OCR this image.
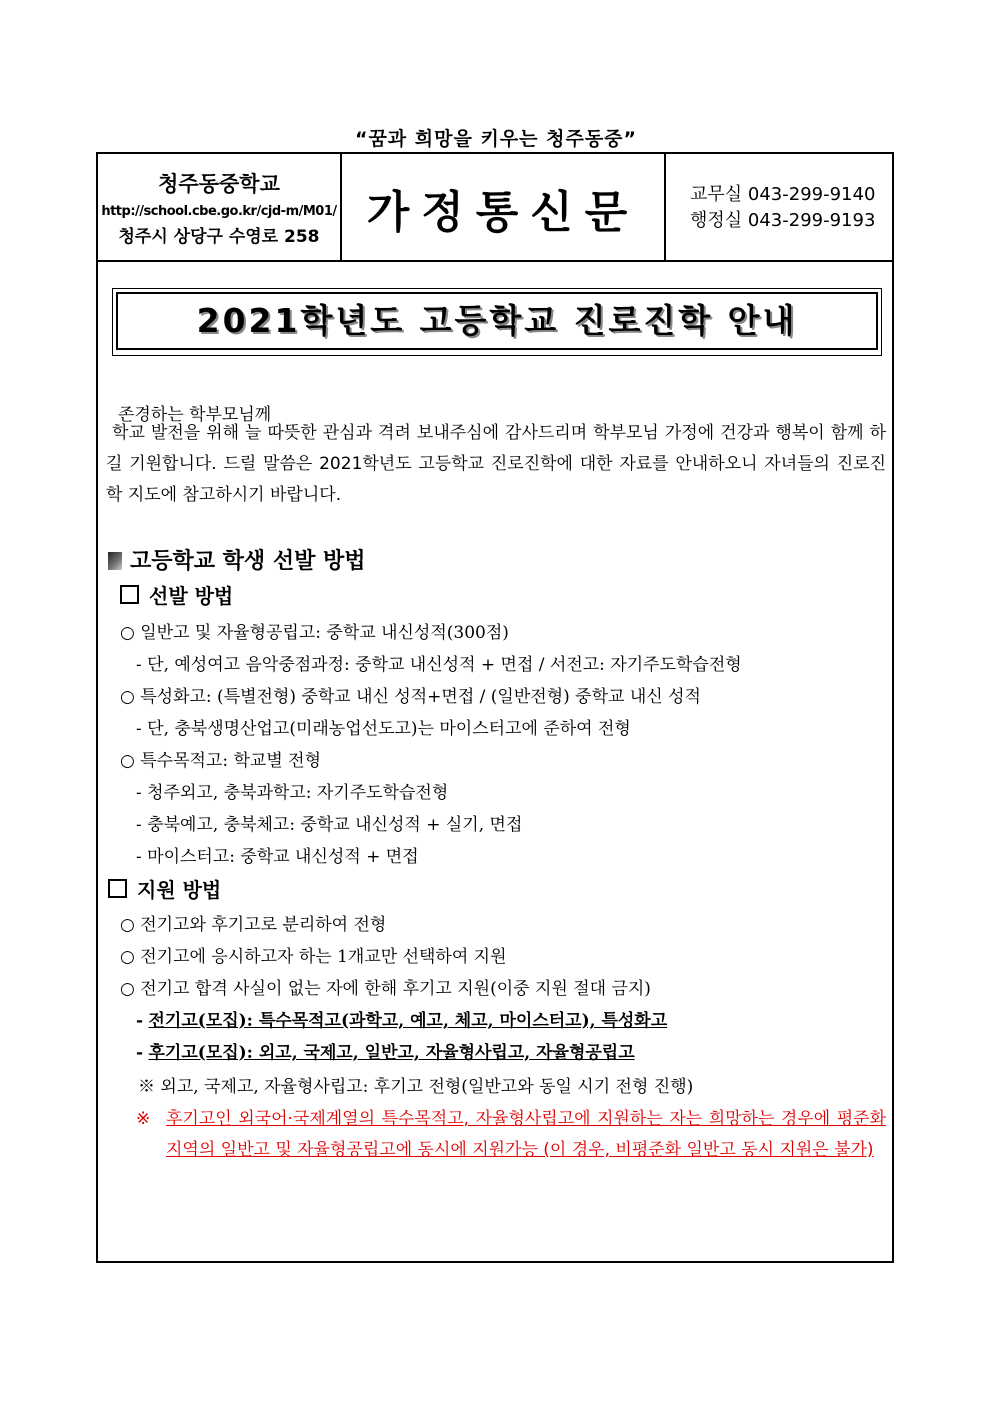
“꿈과 희망을 키우는 청주동중”
청주동중학교
http://school.cbe.go.kr/cjd-m/M01/
청주시 상당구 수영로 258	가정통신문	교무실 043-299-9140
행정실 043-299-9193
2021학년도 고등학교 진로진학 안내
존경하는 학부모님께
학교 발전을 위해 늘 따뜻한 관심과 격려 보내주심에 감사드리며 학부모님 가정에 건강과 행복이 함께 하길 기원합니다. 드릴 말씀은 2021학년도 고등학교 진로진학에 대한 자료를 안내하오니 자녀들의 진로진학 지도에 참고하시기 바랍니다.
고등학교 학생 선발 방법
선발 방법
○ 일반고 및 자율형공립고: 중학교 내신성적(300점)
- 단, 예성여고 음악중점과정: 중학교 내신성적 + 면접 / 서전고: 자기주도학습전형
○ 특성화고: (특별전형) 중학교 내신 성적+면접 / (일반전형) 중학교 내신 성적
- 단, 충북생명산업고(미래농업선도고)는 마이스터고에 준하여 전형
○ 특수목적고: 학교별 전형
- 청주외고, 충북과학고: 자기주도학습전형
- 충북예고, 충북체고: 중학교 내신성적 + 실기, 면접
- 마이스터고: 중학교 내신성적 + 면접
지원 방법
○ 전기고와 후기고로 분리하여 전형
○ 전기고에 응시하고자 하는 1개교만 선택하여 지원
○ 전기고 합격 사실이 없는 자에 한해 후기고 지원(이중 지원 절대 금지)
- 전기고(모집): 특수목적고(과학고, 예고, 체고, 마이스터고), 특성화고
- 후기고(모집): 외고, 국제고, 일반고, 자율형사립고, 자율형공립고
※ 외고, 국제고, 자율형사립고: 후기고 전형(일반고와 동일 시기 전형 진행)
※ 후기고인 외국어·국제계열의 특수목적고, 자율형사립고에 지원하는 자는 희망하는 경우에 평준화 지역의 일반고 및 자율형공립고에 동시에 지원가능 (이 경우, 비평준화 일반고 동시 지원은 불가)
